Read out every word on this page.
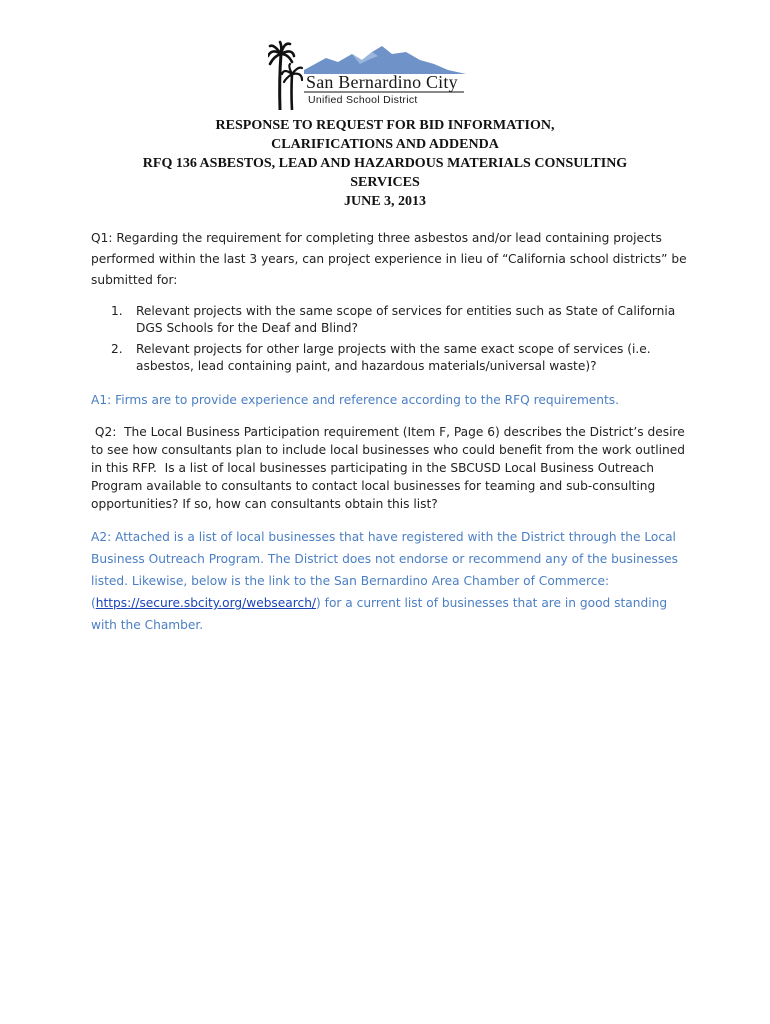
San Bernardino City
Unified School District
RESPONSE TO REQUEST FOR BID INFORMATION,
CLARIFICATIONS AND ADDENDA
RFQ 136 ASBESTOS, LEAD AND HAZARDOUS MATERIALS CONSULTING
SERVICES
JUNE 3, 2013

Q1: Regarding the requirement for completing three asbestos and/or lead containing projects performed within the last 3 years, can project experience in lieu of “California school districts” be submitted for:

1. Relevant projects with the same scope of services for entities such as State of California DGS Schools for the Deaf and Blind?
2. Relevant projects for other large projects with the same exact scope of services (i.e. asbestos, lead containing paint, and hazardous materials/universal waste)?

A1: Firms are to provide experience and reference according to the RFQ requirements.

Q2:  The Local Business Participation requirement (Item F, Page 6) describes the District’s desire to see how consultants plan to include local businesses who could benefit from the work outlined in this RFP.  Is a list of local businesses participating in the SBCUSD Local Business Outreach Program available to consultants to contact local businesses for teaming and sub-consulting opportunities? If so, how can consultants obtain this list?

A2: Attached is a list of local businesses that have registered with the District through the Local Business Outreach Program. The District does not endorse or recommend any of the businesses listed. Likewise, below is the link to the San Bernardino Area Chamber of Commerce: (https://secure.sbcity.org/websearch/) for a current list of businesses that are in good standing with the Chamber.
